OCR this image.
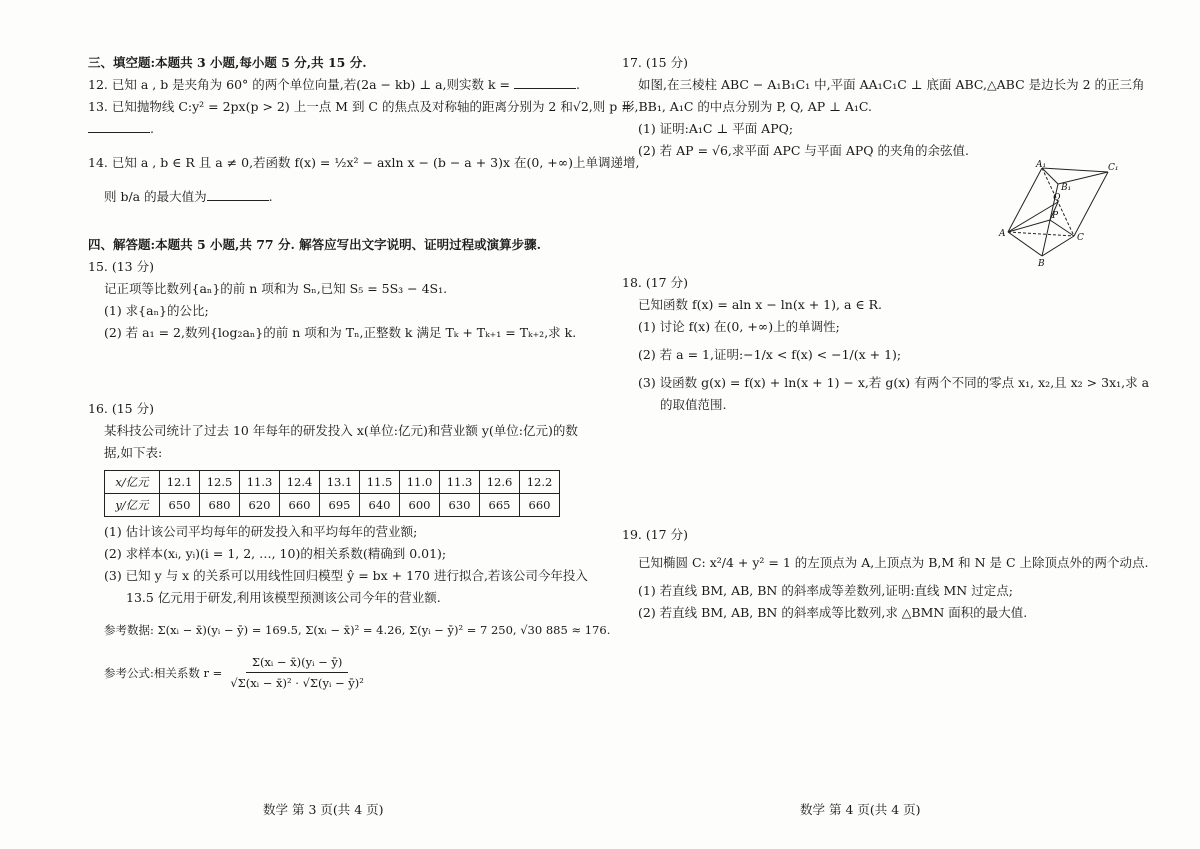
三、填空题:本题共 3 小题,每小题 5 分,共 15 分.

12. 已知 a , b 是夹角为 60° 的两个单位向量,若(2a − kb) ⊥ a,则实数 k =	.

13. 已知抛物线 C:y² = 2px(p > 2) 上一点 M 到 C 的焦点及对称轴的距离分别为 2 和√2,则 p =

.

14. 已知 a , b ∈ R 且 a ≠ 0,若函数 f(x) = ½x² − axln x − (b − a + 3)x 在(0, +∞)上单调递增,

则 b/a 的最大值为	.

四、解答题:本题共 5 小题,共 77 分. 解答应写出文字说明、证明过程或演算步骤.

15. (13 分)

记正项等比数列{aₙ}的前 n 项和为 Sₙ,已知 S₅ = 5S₃ − 4S₁.

(1) 求{aₙ}的公比;

(2) 若 a₁ = 2,数列{log₂aₙ}的前 n 项和为 Tₙ,正整数 k 满足 Tₖ + Tₖ₊₁ = Tₖ₊₂,求 k.

16. (15 分)

某科技公司统计了过去 10 年每年的研发投入 x(单位:亿元)和营业额 y(单位:亿元)的数

据,如下表:

x/亿元	12.1	12.5	11.3	12.4	13.1	11.5	11.0	11.3	12.6	12.2
y/亿元	650	680	620	660	695	640	600	630	665	660

(1) 估计该公司平均每年的研发投入和平均每年的营业额;

(2) 求样本(xᵢ, yᵢ)(i = 1, 2, …, 10)的相关系数(精确到 0.01);

(3) 已知 y 与 x 的关系可以用线性回归模型 ŷ = bx + 170 进行拟合,若该公司今年投入

13.5 亿元用于研发,利用该模型预测该公司今年的营业额.

参考数据: Σ(xᵢ − x̄)(yᵢ − ȳ) = 169.5, Σ(xᵢ − x̄)² = 4.26, Σ(yᵢ − ȳ)² = 7 250, √30 885 ≈ 176.

参考公式:相关系数 $r = \frac{\text{Σ(xᵢ − x̄)(yᵢ − ȳ)}}{\text{√Σ(xᵢ − x̄)² · √Σ(yᵢ − ȳ)²}}$

17. (15 分)

如图,在三棱柱 ABC − A₁B₁C₁ 中,平面 AA₁C₁C ⊥ 底面 ABC,△ABC 是边长为 2 的正三角

形,BB₁, A₁C 的中点分别为 P, Q, AP ⊥ A₁C.

(1) 证明:A₁C ⊥ 平面 APQ;

(2) 若 AP = √6,求平面 APC 与平面 APQ 的夹角的余弦值.

18. (17 分)

已知函数 f(x) = aln x − ln(x + 1), a ∈ R.

(1) 讨论 f(x) 在(0, +∞)上的单调性;

(2) 若 a = 1,证明:−1/x < f(x) < −1/(x + 1);

(3) 设函数 g(x) = f(x) + ln(x + 1) − x,若 g(x) 有两个不同的零点 x₁, x₂,且 x₂ > 3x₁,求 a

的取值范围.

19. (17 分)

已知椭圆 C: x²/4 + y² = 1 的左顶点为 A,上顶点为 B,M 和 N 是 C 上除顶点外的两个动点.

(1) 若直线 BM, AB, BN 的斜率成等差数列,证明:直线 MN 过定点;

(2) 若直线 BM, AB, BN 的斜率成等比数列,求 △BMN 面积的最大值.

A₁
B₁
C₁
Q
P
A	C
B
数学 第 3 页(共 4 页)	数学 第 4 页(共 4 页)
